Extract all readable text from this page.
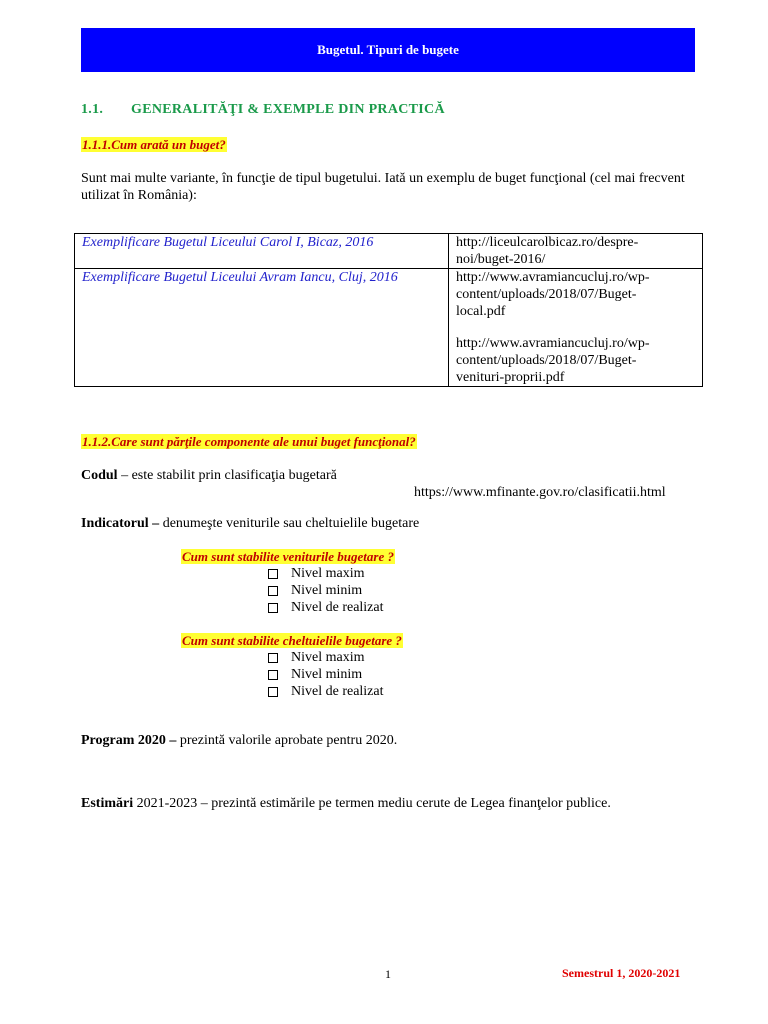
Bugetul. Tipuri de bugete
1.1. GENERALITĂŢI & EXEMPLE DIN PRACTICĂ
1.1.1.Cum arată un buget?
Sunt mai multe variante, în funcţie de tipul bugetului. Iată un exemplu de buget funcţional (cel mai frecvent utilizat în România):
Exemplificare Bugetul Liceului Carol I, Bicaz, 2016	http://liceulcarolbicaz.ro/despre-noi/buget-2016/

Exemplificare Bugetul Liceului Avram Iancu, Cluj, 2016	http://www.avramiancucluj.ro/wp-content/uploads/2018/07/Buget-local.pdf
http://www.avramiancucluj.ro/wp-content/uploads/2018/07/Buget-venituri-proprii.pdf
1.1.2.Care sunt părţile componente ale unui buget funcţional?
Codul – este stabilit prin clasificaţia bugetară
https://www.mfinante.gov.ro/clasificatii.html
Indicatorul – denumeşte veniturile sau cheltuielile bugetare
Cum sunt stabilite veniturile bugetare ?
Nivel maxim
Nivel minim
Nivel de realizat
Cum sunt stabilite cheltuielile bugetare ?
Nivel maxim
Nivel minim
Nivel de realizat
Program 2020 – prezintă valorile aprobate pentru 2020.
Estimări 2021-2023 – prezintă estimările pe termen mediu cerute de Legea finanţelor publice.
1	Semestrul 1, 2020-2021
